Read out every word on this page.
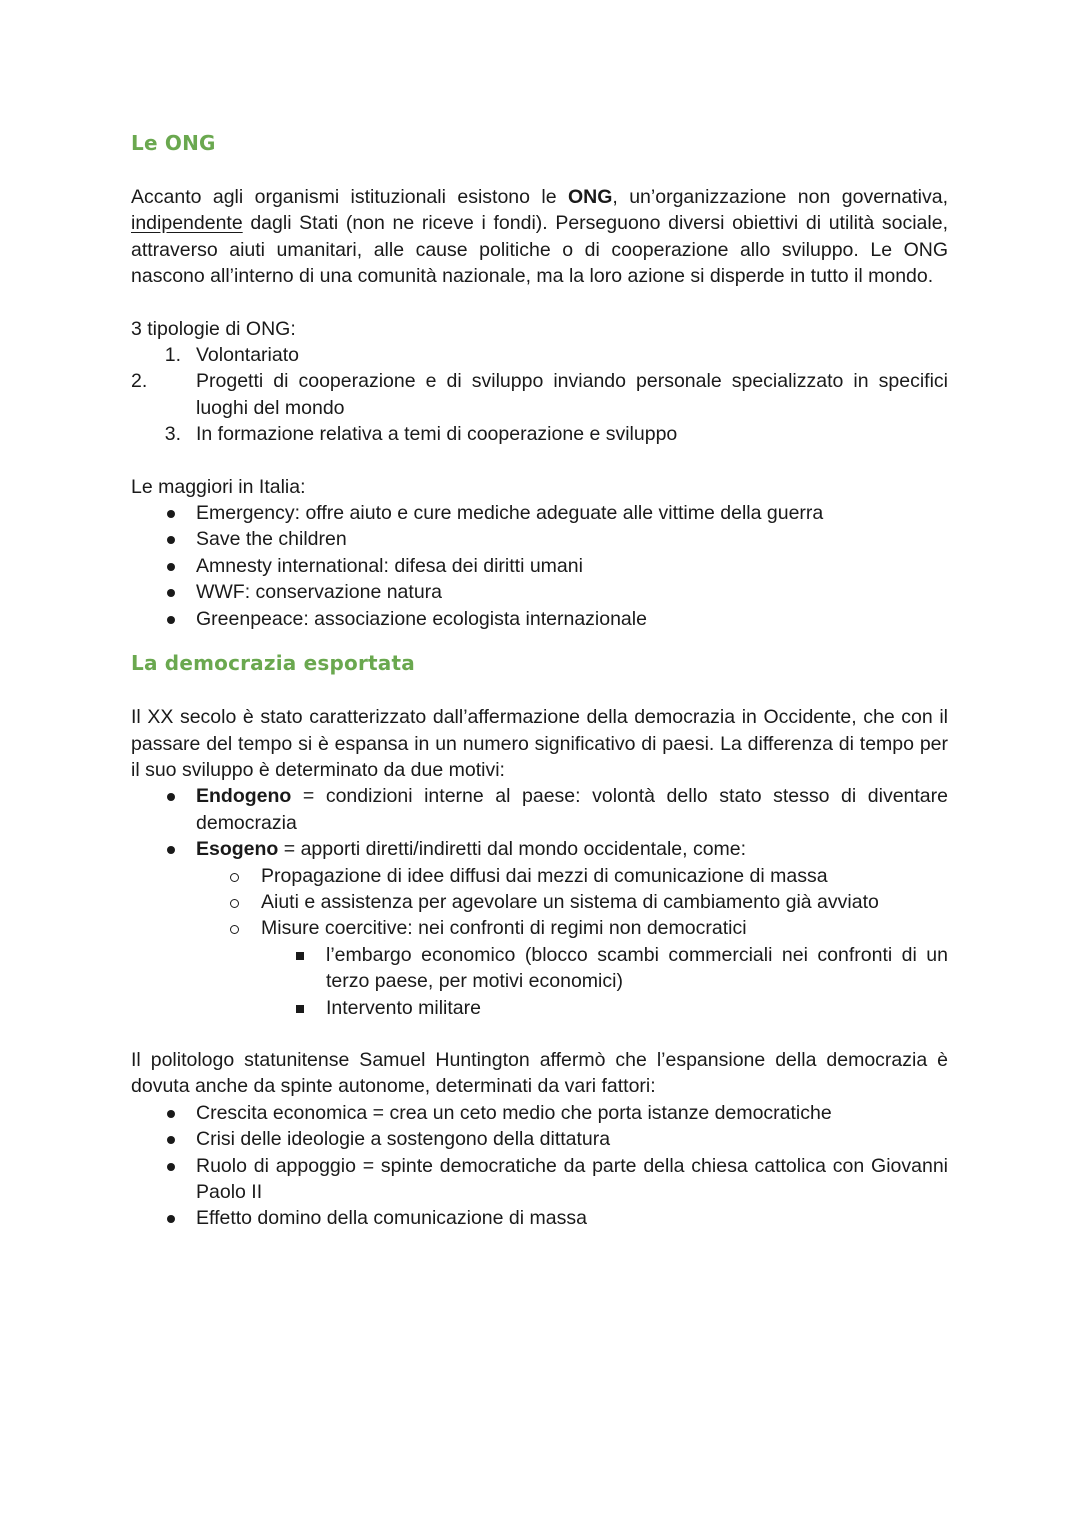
Le ONG

Accanto agli organismi istituzionali esistono le ONG, un’organizzazione non governativa, indipendente dagli Stati (non ne riceve i fondi). Perseguono diversi obiettivi di utilità sociale, attraverso aiuti umanitari, alle cause politiche o di cooperazione allo sviluppo. Le ONG nascono all’interno di una comunità nazionale, ma la loro azione si disperde in tutto il mondo.

3 tipologie di ONG:

1. Volontariato
2.	Progetti di cooperazione e di sviluppo inviando personale specializzato in specifici luoghi del mondo
3. In formazione relativa a temi di cooperazione e sviluppo

Le maggiori in Italia:

Emergency: offre aiuto e cure mediche adeguate alle vittime della guerra
Save the children
Amnesty international: difesa dei diritti umani
WWF: conservazione natura
Greenpeace: associazione ecologista internazionale
La democrazia esportata

Il XX secolo è stato caratterizzato dall’affermazione della democrazia in Occidente, che con il passare del tempo si è espansa in un numero significativo di paesi. La differenza di tempo per il suo sviluppo è determinato da due motivi:

Endogeno = condizioni interne al paese: volontà dello stato stesso di diventare democrazia
Esogeno = apporti diretti/indiretti dal mondo occidentale, come:
Propagazione di idee diffusi dai mezzi di comunicazione di massa
Aiuti e assistenza per agevolare un sistema di cambiamento già avviato
Misure coercitive: nei confronti di regimi non democratici
l’embargo economico (blocco scambi commerciali nei confronti di un terzo paese, per motivi economici)
Intervento militare

Il politologo statunitense Samuel Huntington affermò che l’espansione della democrazia è dovuta anche da spinte autonome, determinati da vari fattori:

Crescita economica = crea un ceto medio che porta istanze democratiche
Crisi delle ideologie a sostengono della dittatura
Ruolo di appoggio = spinte democratiche da parte della chiesa cattolica con Giovanni Paolo II
Effetto domino della comunicazione di massa
